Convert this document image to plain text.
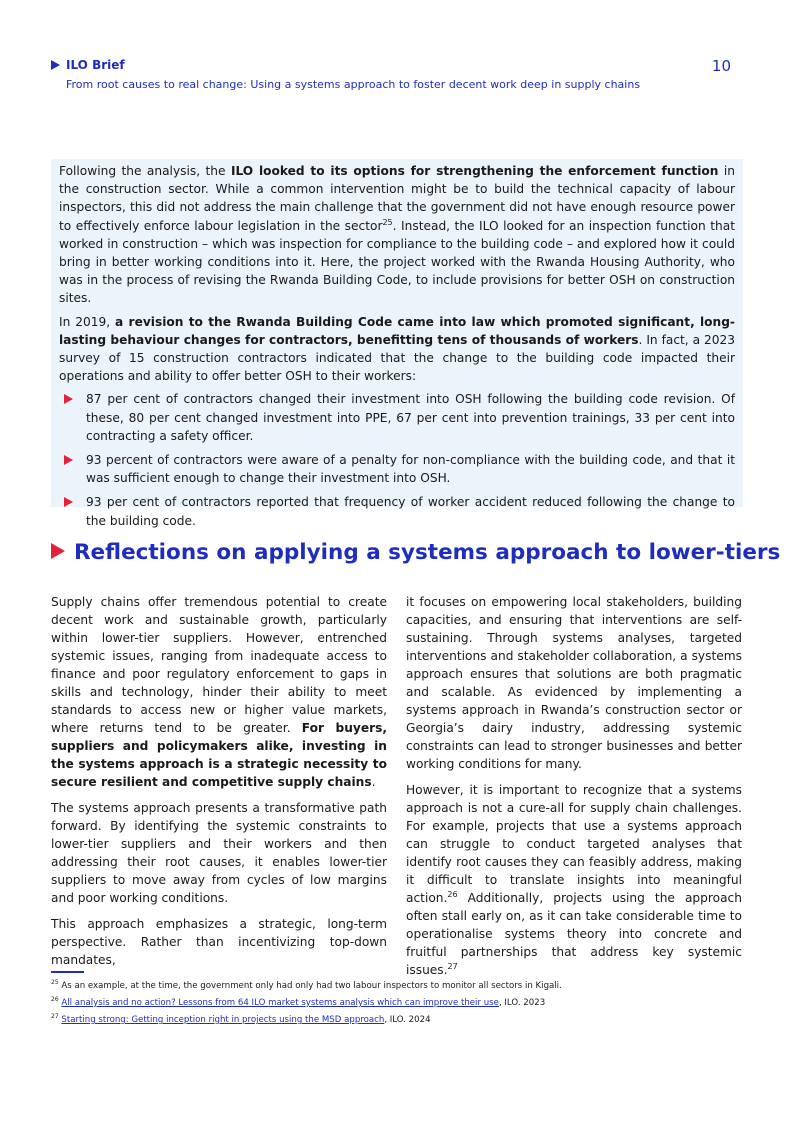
ILO Brief
From root causes to real change: Using a systems approach to foster decent work deep in supply chains
10

Following the analysis, the ILO looked to its options for strengthening the enforcement function in the construction sector. While a common intervention might be to build the technical capacity of labour inspectors, this did not address the main challenge that the government did not have enough resource power to effectively enforce labour legislation in the sector$^{25}$. Instead, the ILO looked for an inspection function that worked in construction – which was inspection for compliance to the building code – and explored how it could bring in better working conditions into it. Here, the project worked with the Rwanda Housing Authority, who was in the process of revising the Rwanda Building Code, to include provisions for better OSH on construction sites.

In 2019, a revision to the Rwanda Building Code came into law which promoted significant, long-lasting behaviour changes for contractors, benefitting tens of thousands of workers. In fact, a 2023 survey of 15 construction contractors indicated that the change to the building code impacted their operations and ability to offer better OSH to their workers:

87 per cent of contractors changed their investment into OSH following the building code revision. Of these, 80 per cent changed investment into PPE, 67 per cent into prevention trainings, 33 per cent into contracting a safety officer.
93 percent of contractors were aware of a penalty for non-compliance with the building code, and that it was sufficient enough to change their investment into OSH.
93 per cent of contractors reported that frequency of worker accident reduced following the change to the building code.
Reflections on applying a systems approach to lower-tiers

Supply chains offer tremendous potential to create decent work and sustainable growth, particularly within lower-tier suppliers. However, entrenched systemic issues, ranging from inadequate access to finance and poor regulatory enforcement to gaps in skills and technology, hinder their ability to meet standards to access new or higher value markets, where returns tend to be greater. For buyers, suppliers and policymakers alike, investing in the systems approach is a strategic necessity to secure resilient and competitive supply chains.

The systems approach presents a transformative path forward. By identifying the systemic constraints to lower-tier suppliers and their workers and then addressing their root causes, it enables lower-tier suppliers to move away from cycles of low margins and poor working conditions.

This approach emphasizes a strategic, long-term perspective. Rather than incentivizing top-down mandates,

it focuses on empowering local stakeholders, building capacities, and ensuring that interventions are self-sustaining. Through systems analyses, targeted interventions and stakeholder collaboration, a systems approach ensures that solutions are both pragmatic and scalable. As evidenced by implementing a systems approach in Rwanda’s construction sector or Georgia’s dairy industry, addressing systemic constraints can lead to stronger businesses and better working conditions for many.

However, it is important to recognize that a systems approach is not a cure-all for supply chain challenges. For example, projects that use a systems approach can struggle to conduct targeted analyses that identify root causes they can feasibly address, making it difficult to translate insights into meaningful action.$^{26}$ Additionally, projects using the approach often stall early on, as it can take considerable time to operationalise systems theory into concrete and fruitful partnerships that address key systemic issues.$^{27}$

$^{25}$ As an example, at the time, the government only had only had two labour inspectors to monitor all sectors in Kigali.
$^{26}$ All analysis and no action? Lessons from 64 ILO market systems analysis which can improve their use, ILO. 2023
$^{27}$ Starting strong: Getting inception right in projects using the MSD approach, ILO. 2024
